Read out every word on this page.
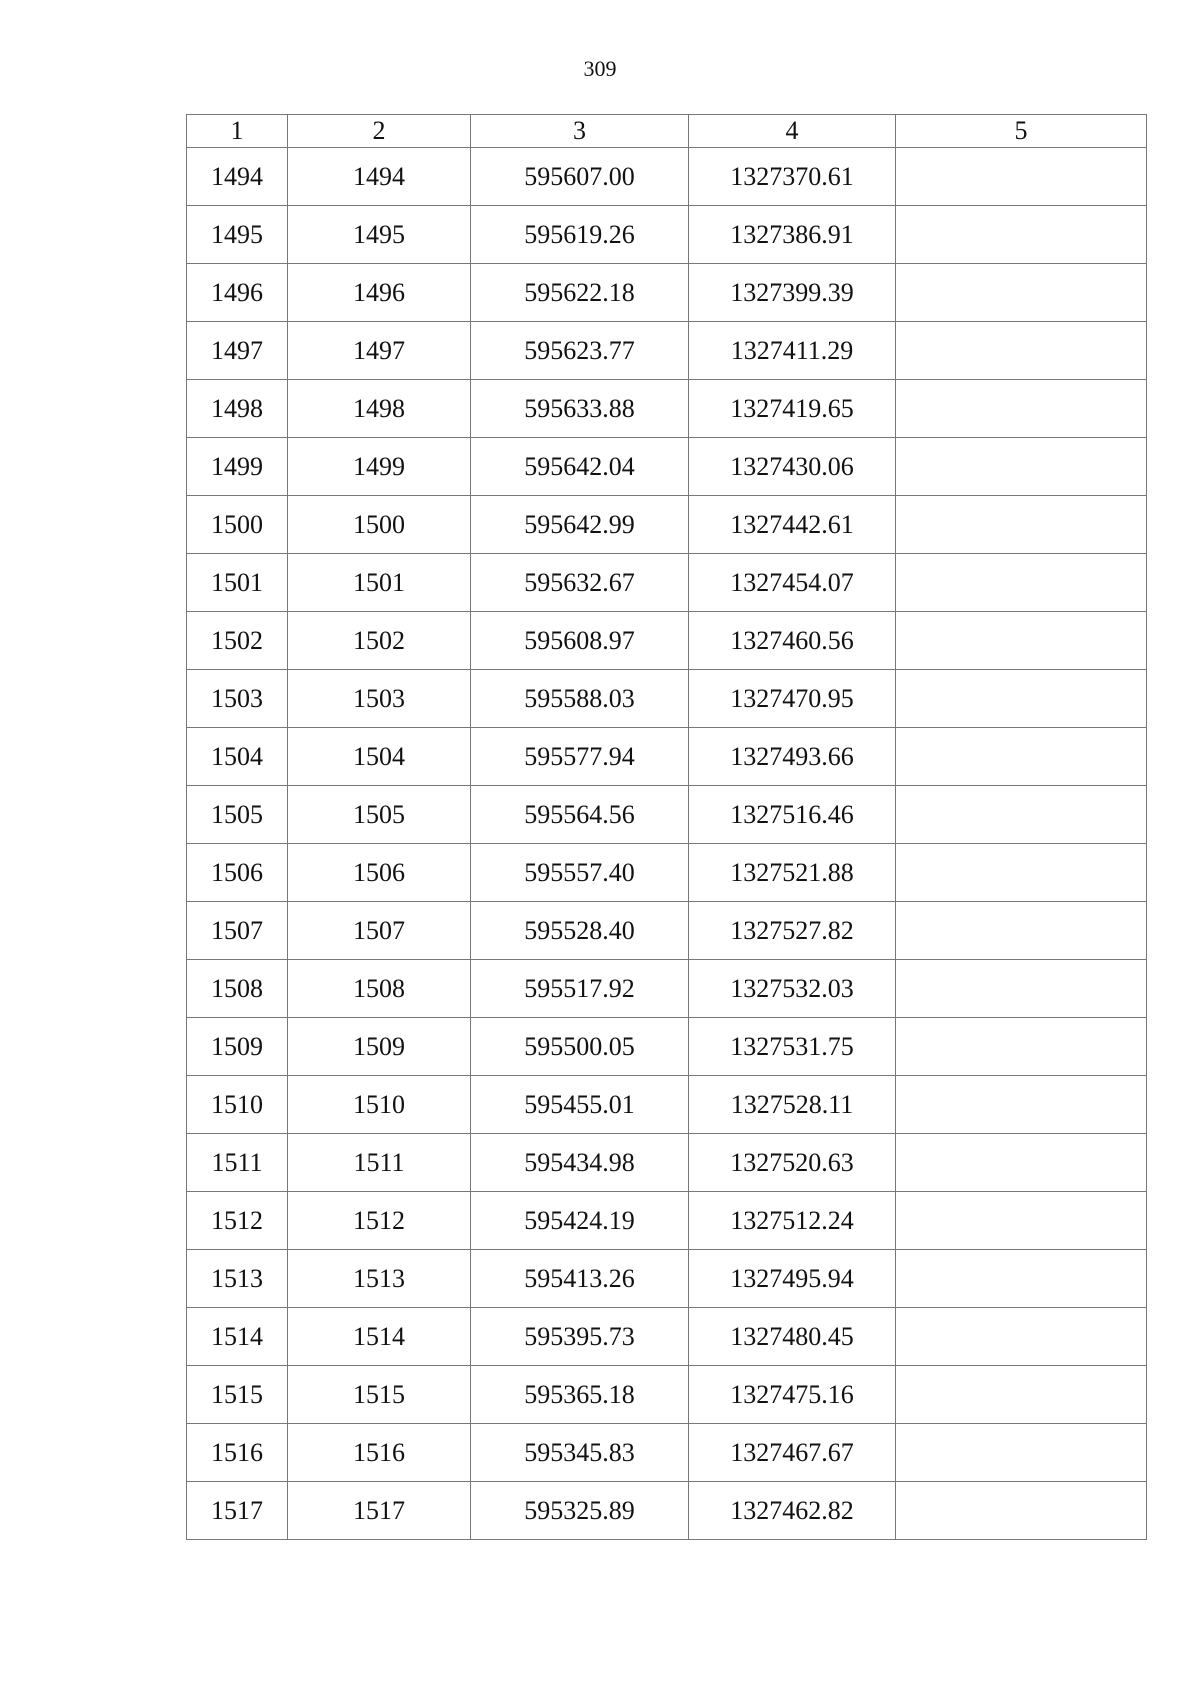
309
1	2	3	4	5
1494	1494	595607.00	1327370.61	
1495	1495	595619.26	1327386.91	
1496	1496	595622.18	1327399.39	
1497	1497	595623.77	1327411.29	
1498	1498	595633.88	1327419.65	
1499	1499	595642.04	1327430.06	
1500	1500	595642.99	1327442.61	
1501	1501	595632.67	1327454.07	
1502	1502	595608.97	1327460.56	
1503	1503	595588.03	1327470.95	
1504	1504	595577.94	1327493.66	
1505	1505	595564.56	1327516.46	
1506	1506	595557.40	1327521.88	
1507	1507	595528.40	1327527.82	
1508	1508	595517.92	1327532.03	
1509	1509	595500.05	1327531.75	
1510	1510	595455.01	1327528.11	
1511	1511	595434.98	1327520.63	
1512	1512	595424.19	1327512.24	
1513	1513	595413.26	1327495.94	
1514	1514	595395.73	1327480.45	
1515	1515	595365.18	1327475.16	
1516	1516	595345.83	1327467.67	
1517	1517	595325.89	1327462.82	
